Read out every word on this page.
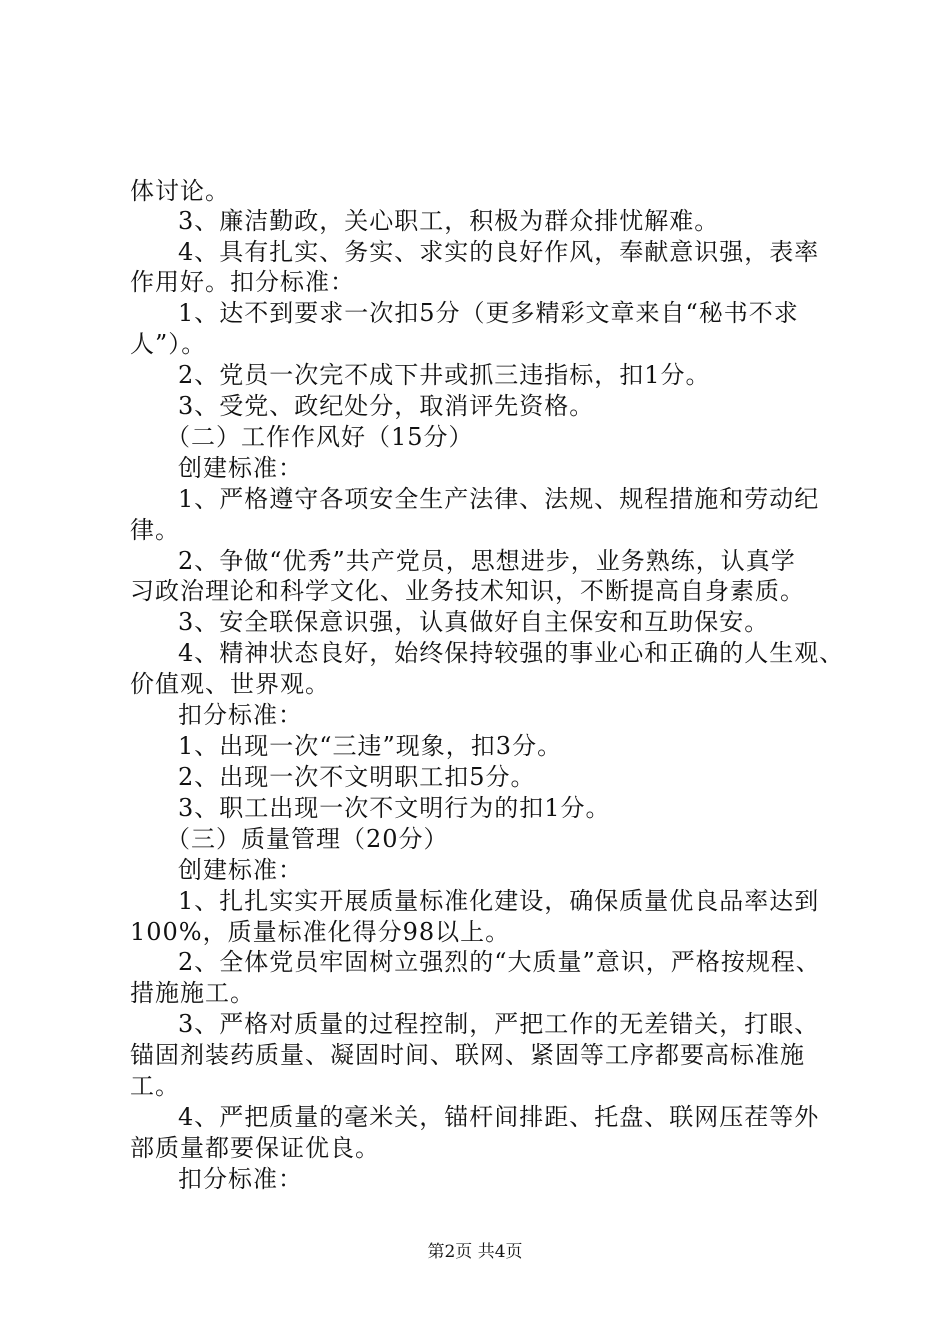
体讨论。
3、廉洁勤政，关心职工，积极为群众排忧解难。
4、具有扎实、务实、求实的良好作风，奉献意识强，表率
作用好。扣分标准：
1、达不到要求一次扣5分（更多精彩文章来自“秘书不求
人”）。
2、党员一次完不成下井或抓三违指标，扣1分。
3、受党、政纪处分，取消评先资格。
（二）工作作风好（15分）
创建标准：
1、严格遵守各项安全生产法律、法规、规程措施和劳动纪
律。
2、争做“优秀”共产党员，思想进步，业务熟练，认真学
习政治理论和科学文化、业务技术知识，不断提高自身素质。
3、安全联保意识强，认真做好自主保安和互助保安。
4、精神状态良好，始终保持较强的事业心和正确的人生观、
价值观、世界观。
扣分标准：
1、出现一次“三违”现象，扣3分。
2、出现一次不文明职工扣5分。
3、职工出现一次不文明行为的扣1分。
（三）质量管理（20分）
创建标准：
1、扎扎实实开展质量标准化建设，确保质量优良品率达到
100%，质量标准化得分98以上。
2、全体党员牢固树立强烈的“大质量”意识，严格按规程、
措施施工。
3、严格对质量的过程控制，严把工作的无差错关，打眼、
锚固剂装药质量、凝固时间、联网、紧固等工序都要高标准施
工。
4、严把质量的毫米关，锚杆间排距、托盘、联网压茬等外
部质量都要保证优良。
扣分标准：
第2页 共4页
